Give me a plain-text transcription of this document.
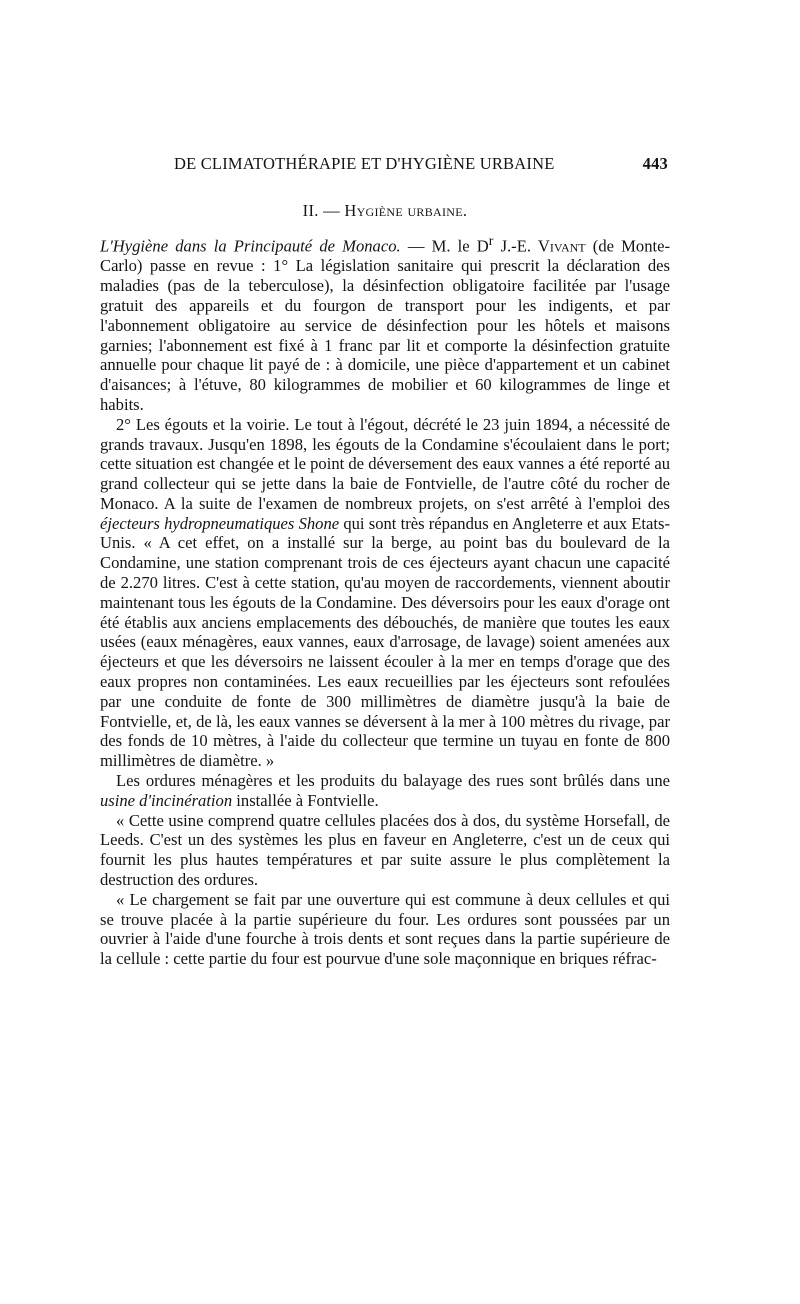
DE CLIMATOTHÉRAPIE ET D'HYGIÈNE URBAINE	443
II. — Hygiène urbaine.

L'Hygiène dans la Principauté de Monaco. — M. le $D^r$ J.-E. Vivant (de Monte-Carlo) passe en revue : 1° La législation sanitaire qui prescrit la déclaration des maladies (pas de la teberculose), la désinfection obligatoire facilitée par l'usage gratuit des appareils et du fourgon de transport pour les indigents, et par l'abonnement obligatoire au service de désinfection pour les hôtels et maisons garnies; l'abonnement est fixé à 1 franc par lit et comporte la désinfection gratuite annuelle pour chaque lit payé de : à domicile, une pièce d'appartement et un cabinet d'aisances; à l'étuve, 80 kilogrammes de mobilier et 60 kilogrammes de linge et habits.

2° Les égouts et la voirie. Le tout à l'égout, décrété le 23 juin 1894, a nécessité de grands travaux. Jusqu'en 1898, les égouts de la Condamine s'écoulaient dans le port; cette situation est changée et le point de déversement des eaux vannes a été reporté au grand collecteur qui se jette dans la baie de Fontvielle, de l'autre côté du rocher de Monaco. A la suite de l'examen de nombreux projets, on s'est arrêté à l'emploi des éjecteurs hydropneumatiques Shone qui sont très répandus en Angleterre et aux Etats-Unis. « A cet effet, on a installé sur la berge, au point bas du boulevard de la Condamine, une station comprenant trois de ces éjecteurs ayant chacun une capacité de 2.270 litres. C'est à cette station, qu'au moyen de raccordements, viennent aboutir maintenant tous les égouts de la Condamine. Des déversoirs pour les eaux d'orage ont été établis aux anciens emplacements des débouchés, de manière que toutes les eaux usées (eaux ménagères, eaux vannes, eaux d'arrosage, de lavage) soient amenées aux éjecteurs et que les déversoirs ne laissent écouler à la mer en temps d'orage que des eaux propres non contaminées. Les eaux recueillies par les éjecteurs sont refoulées par une conduite de fonte de 300 millimètres de diamètre jusqu'à la baie de Fontvielle, et, de là, les eaux vannes se déversent à la mer à 100 mètres du rivage, par des fonds de 10 mètres, à l'aide du collecteur que termine un tuyau en fonte de 800 millimètres de diamètre. »

Les ordures ménagères et les produits du balayage des rues sont brûlés dans une usine d'incinération installée à Fontvielle.

« Cette usine comprend quatre cellules placées dos à dos, du système Horsefall, de Leeds. C'est un des systèmes les plus en faveur en Angleterre, c'est un de ceux qui fournit les plus hautes températures et par suite assure le plus complètement la destruction des ordures.

« Le chargement se fait par une ouverture qui est commune à deux cellules et qui se trouve placée à la partie supérieure du four. Les ordures sont poussées par un ouvrier à l'aide d'une fourche à trois dents et sont reçues dans la partie supérieure de la cellule : cette partie du four est pourvue d'une sole maçonnique en briques réfrac-
